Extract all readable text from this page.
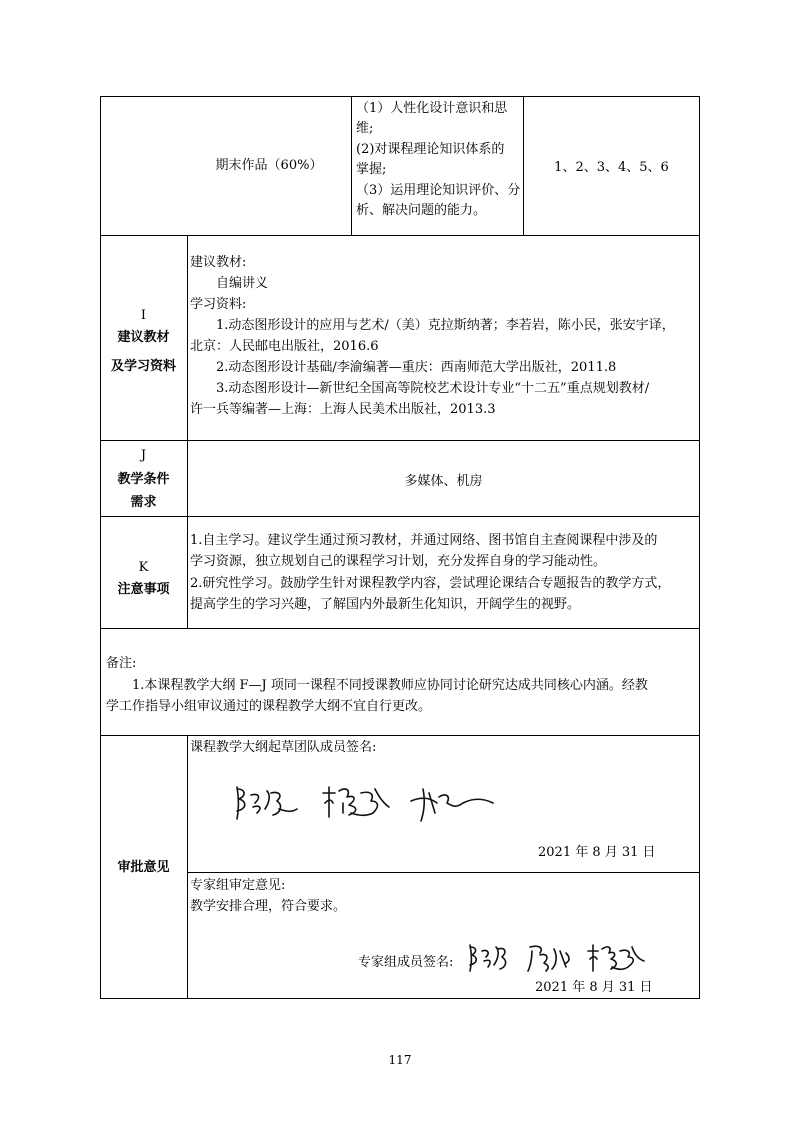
期末作品（60%）
（1）人性化设计意识和思
维;
(2)对课程理论知识体系的
掌握;
（3）运用理论知识评价、分
析、解决问题的能力。
1、2、3、4、5、6
I
建议教材
及学习资料
建议教材:
自编讲义
学习资料:
1.动态图形设计的应用与艺术/（美）克拉斯纳著；李若岩，陈小民，张安宇译，
北京：人民邮电出版社，2016.6
2.动态图形设计基础/李渝编著—重庆：西南师范大学出版社，2011.8
3.动态图形设计—新世纪全国高等院校艺术设计专业“十二五”重点规划教材/
许一兵等编著—上海：上海人民美术出版社，2013.3
J
教学条件
需求
多媒体、机房
K
注意事项
1.自主学习。建议学生通过预习教材，并通过网络、图书馆自主查阅课程中涉及的
学习资源，独立规划自己的课程学习计划，充分发挥自身的学习能动性。
2.研究性学习。鼓励学生针对课程教学内容，尝试理论课结合专题报告的教学方式，
提高学生的学习兴趣，了解国内外最新生化知识，开阔学生的视野。
备注:
1.本课程教学大纲 F—J 项同一课程不同授课教师应协同讨论研究达成共同核心内涵。经教
学工作指导小组审议通过的课程教学大纲不宜自行更改。
审批意见
课程教学大纲起草团队成员签名:
2021 年 8 月 31 日
专家组审定意见:
教学安排合理，符合要求。
专家组成员签名:
2021 年 8 月 31 日
117
